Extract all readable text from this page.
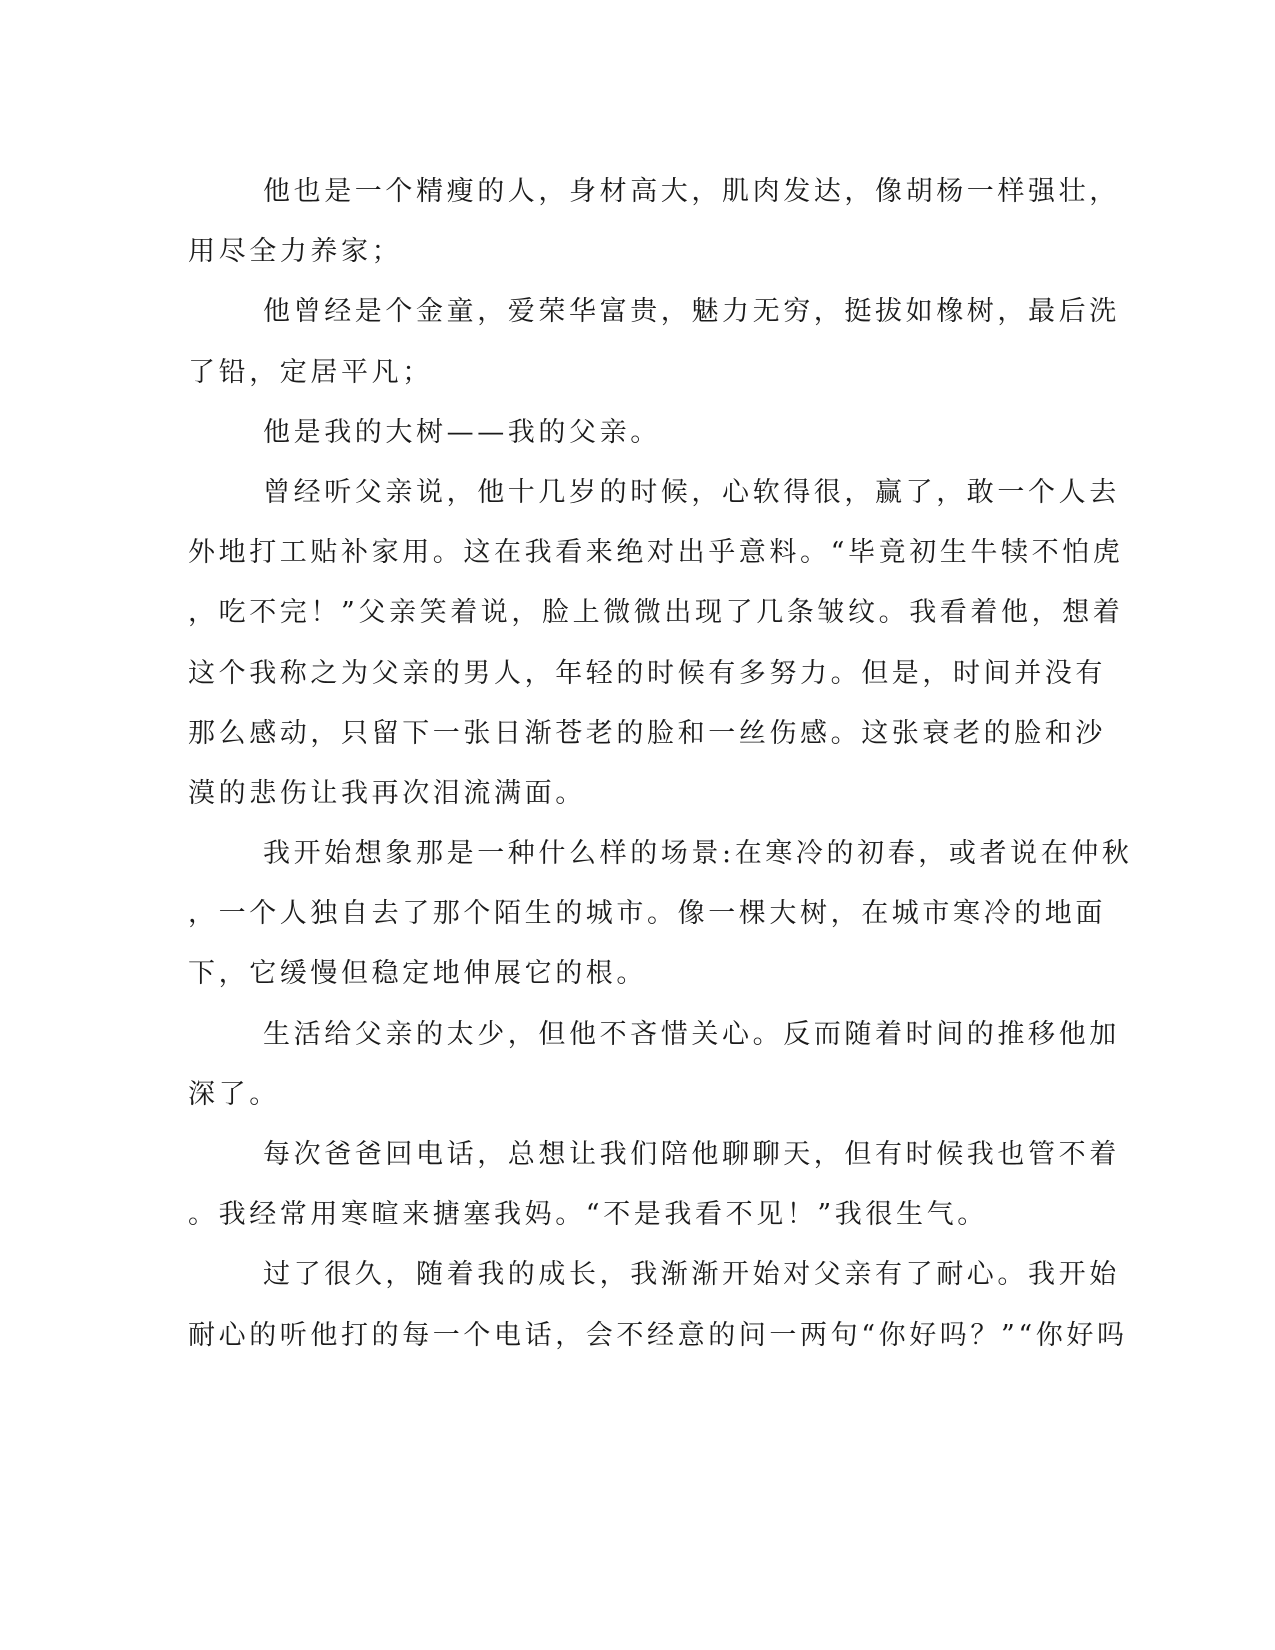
他也是一个精瘦的人，身材高大，肌肉发达，像胡杨一样强壮，
用尽全力养家；
他曾经是个金童，爱荣华富贵，魅力无穷，挺拔如橡树，最后洗
了铅，定居平凡；
他是我的大树——我的父亲。
曾经听父亲说，他十几岁的时候，心软得很，赢了，敢一个人去
外地打工贴补家用。这在我看来绝对出乎意料。“毕竟初生牛犊不怕虎
，吃不完！”父亲笑着说，脸上微微出现了几条皱纹。我看着他，想着
这个我称之为父亲的男人，年轻的时候有多努力。但是，时间并没有
那么感动，只留下一张日渐苍老的脸和一丝伤感。这张衰老的脸和沙
漠的悲伤让我再次泪流满面。
我开始想象那是一种什么样的场景:在寒冷的初春，或者说在仲秋
，一个人独自去了那个陌生的城市。像一棵大树，在城市寒冷的地面
下，它缓慢但稳定地伸展它的根。
生活给父亲的太少，但他不吝惜关心。反而随着时间的推移他加
深了。
每次爸爸回电话，总想让我们陪他聊聊天，但有时候我也管不着
。我经常用寒暄来搪塞我妈。“不是我看不见！”我很生气。
过了很久，随着我的成长，我渐渐开始对父亲有了耐心。我开始
耐心的听他打的每一个电话，会不经意的问一两句“你好吗？”“你好吗
